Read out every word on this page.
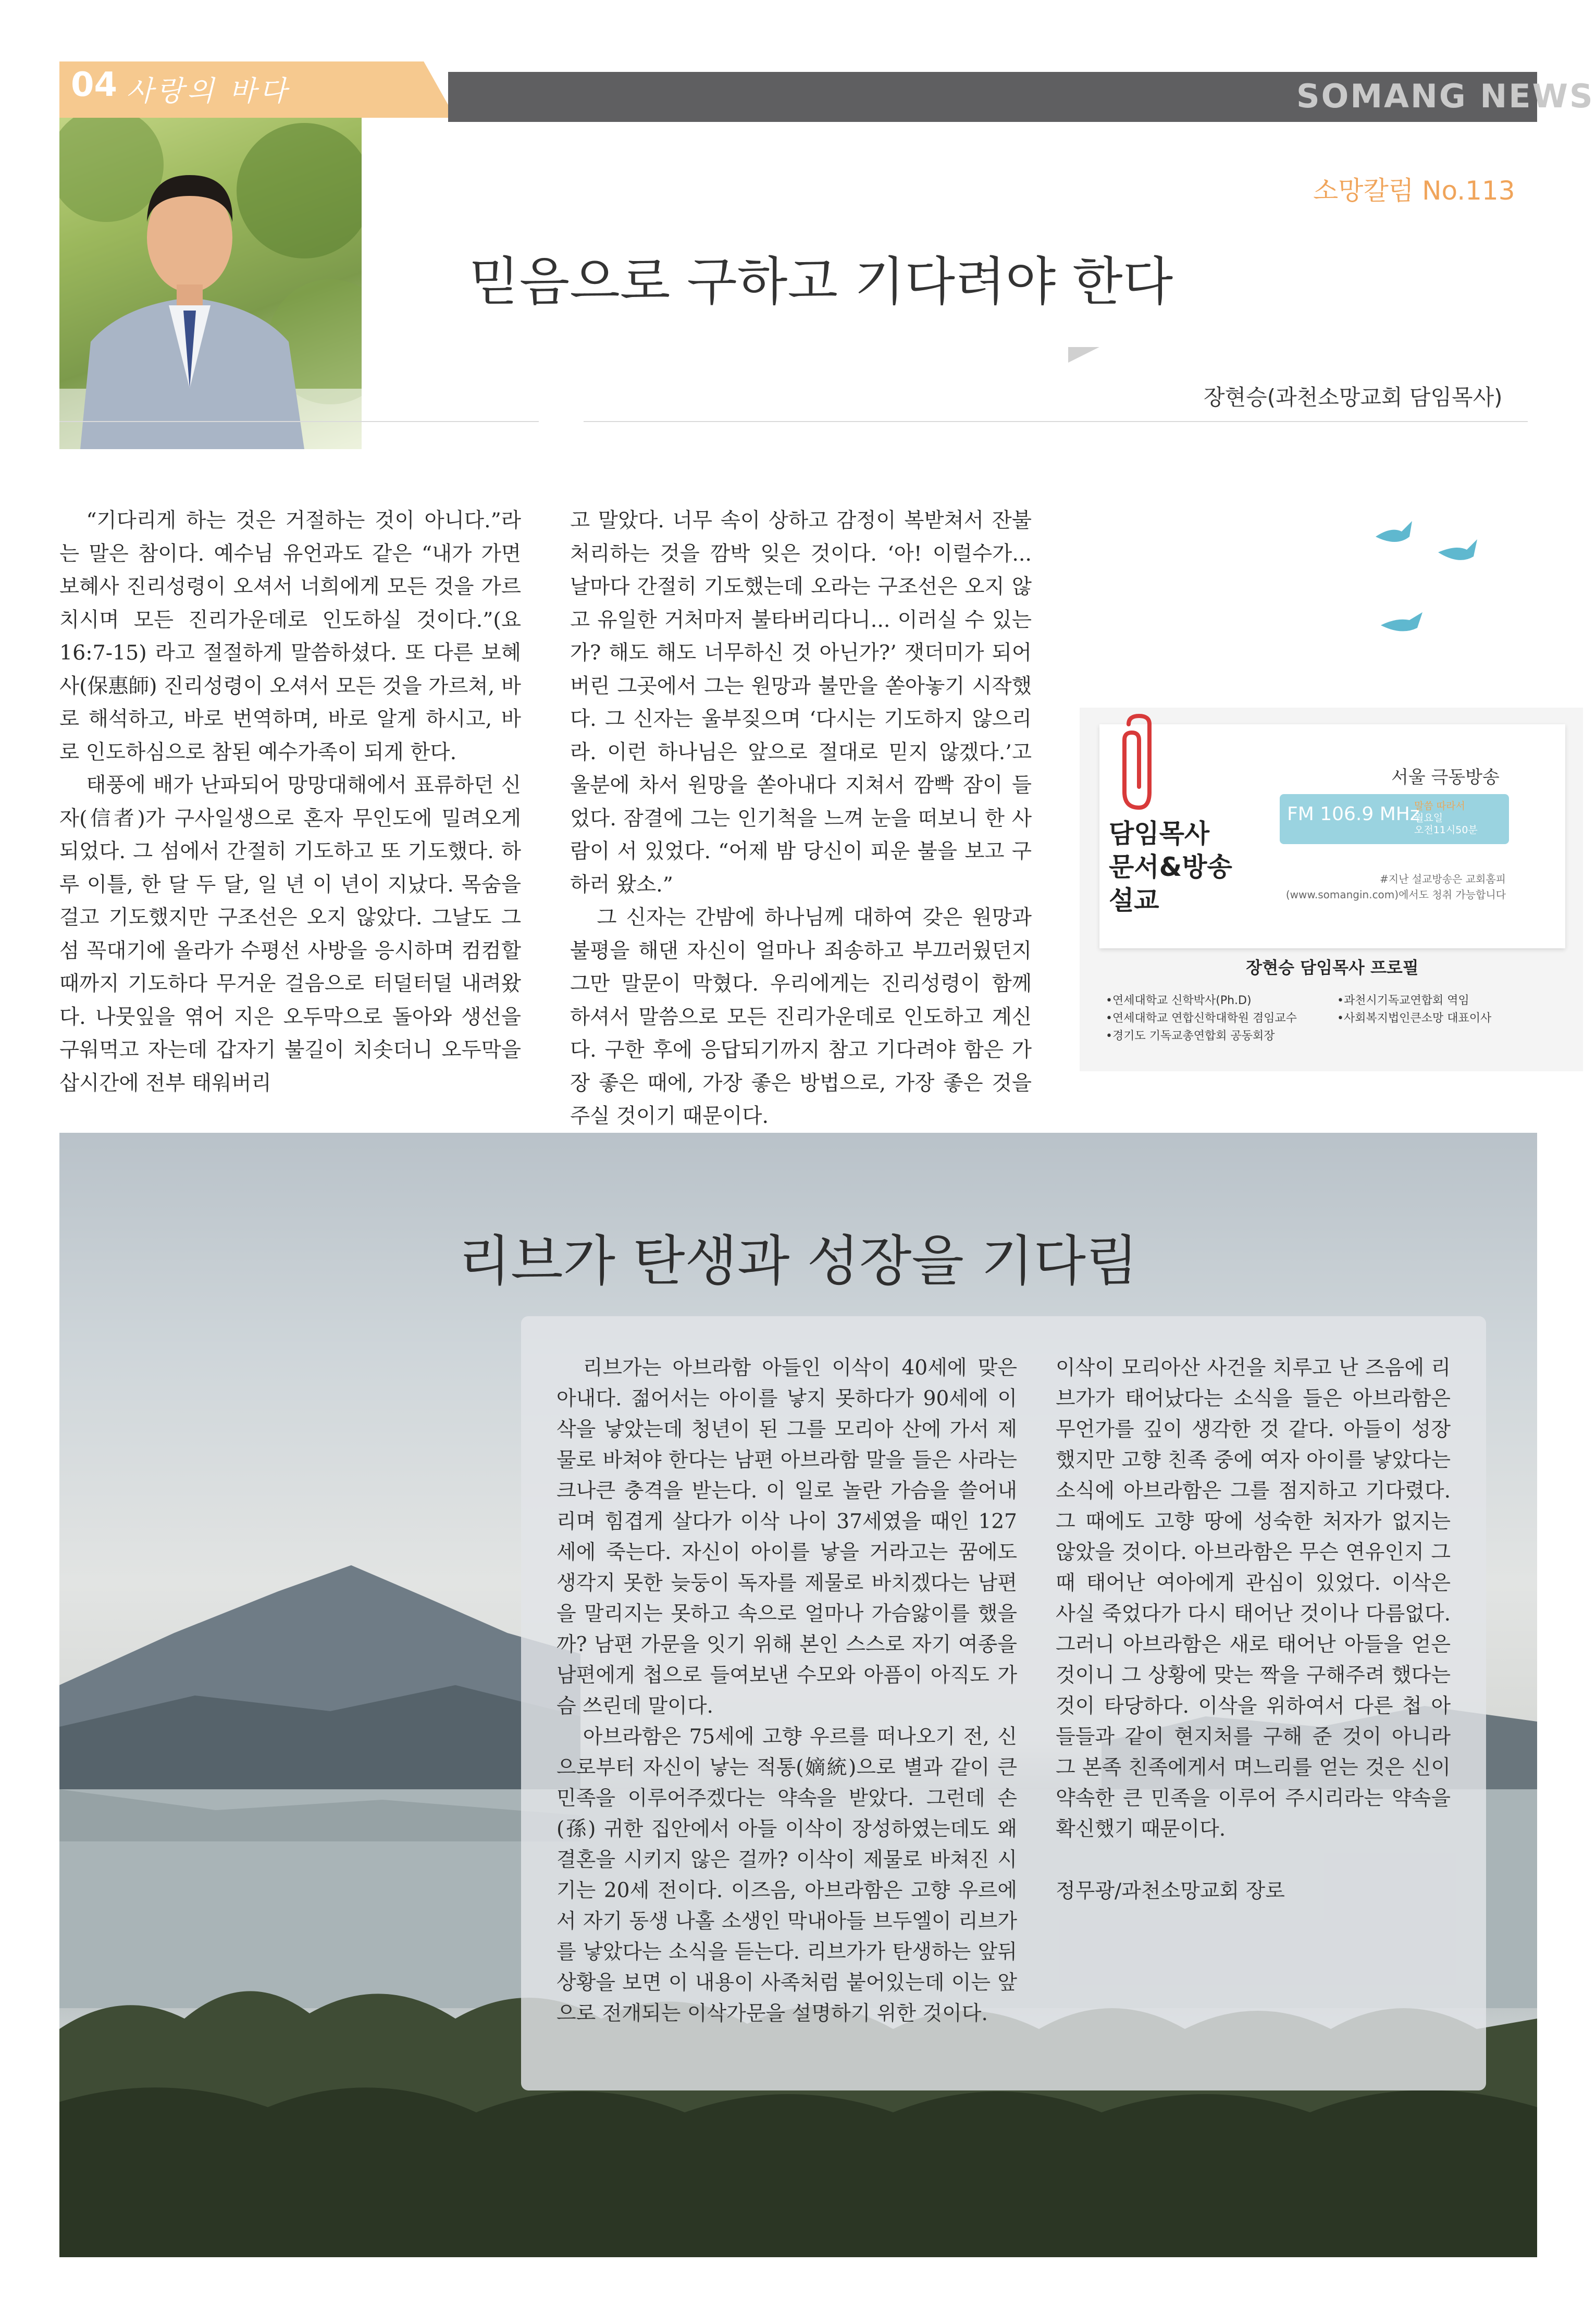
04 사랑의 바다	SOMANG NEWS
소망칼럼 No.113
믿음으로 구하고 기다려야 한다
장현승(과천소망교회 담임목사)

“기다리게 하는 것은 거절하는 것이 아니다.”라는 말은 참이다. 예수님 유언과도 같은 “내가 가면 보혜사 진리성령이 오셔서 너희에게 모든 것을 가르치시며 모든 진리가운데로 인도하실 것이다.”(요16:7-15) 라고 절절하게 말씀하셨다. 또 다른 보혜사(保惠師) 진리성령이 오셔서 모든 것을 가르쳐, 바로 해석하고, 바로 번역하며, 바로 알게 하시고, 바로 인도하심으로 참된 예수가족이 되게 한다.

태풍에 배가 난파되어 망망대해에서 표류하던 신자(信者)가 구사일생으로 혼자 무인도에 밀려오게 되었다. 그 섬에서 간절히 기도하고 또 기도했다. 하루 이틀, 한 달 두 달, 일 년 이 년이 지났다. 목숨을 걸고 기도했지만 구조선은 오지 않았다. 그날도 그 섬 꼭대기에 올라가 수평선 사방을 응시하며 컴컴할 때까지 기도하다 무거운 걸음으로 터덜터덜 내려왔다. 나뭇잎을 엮어 지은 오두막으로 돌아와 생선을 구워먹고 자는데 갑자기 불길이 치솟더니 오두막을 삽시간에 전부 태워버리

고 말았다. 너무 속이 상하고 감정이 복받쳐서 잔불 처리하는 것을 깜박 잊은 것이다. ‘아! 이럴수가... 날마다 간절히 기도했는데 오라는 구조선은 오지 않고 유일한 거처마저 불타버리다니... 이러실 수 있는가? 해도 해도 너무하신 것 아닌가?’ 잿더미가 되어버린 그곳에서 그는 원망과 불만을 쏟아놓기 시작했다. 그 신자는 울부짖으며 ‘다시는 기도하지 않으리라. 이런 하나님은 앞으로 절대로 믿지 않겠다.’고 울분에 차서 원망을 쏟아내다 지쳐서 깜빡 잠이 들었다. 잠결에 그는 인기척을 느껴 눈을 떠보니 한 사람이 서 있었다. “어제 밤 당신이 피운 불을 보고 구하러 왔소.”

그 신자는 간밤에 하나님께 대하여 갖은 원망과 불평을 해댄 자신이 얼마나 죄송하고 부끄러웠던지 그만 말문이 막혔다. 우리에게는 진리성령이 함께 하셔서 말씀으로 모든 진리가운데로 인도하고 계신다. 구한 후에 응답되기까지 참고 기다려야 함은 가장 좋은 때에, 가장 좋은 방법으로, 가장 좋은 것을 주실 것이기 때문이다.

담임목사
문서&방송
설교
서울 극동방송
FM 106.9 MHz
말씀 따라서
월요일
오전11시50분
#지난 설교방송은 교회홈피
(www.somangin.com)에서도 청취 가능합니다
장현승 담임목사 프로필
•연세대학교 신학박사(Ph.D)
•연세대학교 연합신학대학원 겸임교수
•경기도 기독교총연합회 공동회장
•과천시기독교연합회 역임
•사회복지법인큰소망 대표이사
리브가 탄생과 성장을 기다림

리브가는 아브라함 아들인 이삭이 40세에 맞은 아내다. 젊어서는 아이를 낳지 못하다가 90세에 이삭을 낳았는데 청년이 된 그를 모리아 산에 가서 제물로 바쳐야 한다는 남편 아브라함 말을 들은 사라는 크나큰 충격을 받는다. 이 일로 놀란 가슴을 쓸어내리며 힘겹게 살다가 이삭 나이 37세였을 때인 127세에 죽는다. 자신이 아이를 낳을 거라고는 꿈에도 생각지 못한 늦둥이 독자를 제물로 바치겠다는 남편을 말리지는 못하고 속으로 얼마나 가슴앓이를 했을까? 남편 가문을 잇기 위해 본인 스스로 자기 여종을 남편에게 첩으로 들여보낸 수모와 아픔이 아직도 가슴 쓰린데 말이다.

아브라함은 75세에 고향 우르를 떠나오기 전, 신으로부터 자신이 낳는 적통(嫡統)으로 별과 같이 큰 민족을 이루어주겠다는 약속을 받았다. 그런데 손(孫) 귀한 집안에서 아들 이삭이 장성하였는데도 왜 결혼을 시키지 않은 걸까? 이삭이 제물로 바쳐진 시기는 20세 전이다. 이즈음, 아브라함은 고향 우르에서 자기 동생 나홀 소생인 막내아들 브두엘이 리브가를 낳았다는 소식을 듣는다. 리브가가 탄생하는 앞뒤상황을 보면 이 내용이 사족처럼 붙어있는데 이는 앞으로 전개되는 이삭가문을 설명하기 위한 것이다.

이삭이 모리아산 사건을 치루고 난 즈음에 리브가가 태어났다는 소식을 들은 아브라함은 무언가를 깊이 생각한 것 같다. 아들이 성장했지만 고향 친족 중에 여자 아이를 낳았다는 소식에 아브라함은 그를 점지하고 기다렸다. 그 때에도 고향 땅에 성숙한 처자가 없지는 않았을 것이다. 아브라함은 무슨 연유인지 그때 태어난 여아에게 관심이 있었다. 이삭은 사실 죽었다가 다시 태어난 것이나 다름없다. 그러니 아브라함은 새로 태어난 아들을 얻은 것이니 그 상황에 맞는 짝을 구해주려 했다는 것이 타당하다. 이삭을 위하여서 다른 첩 아들들과 같이 현지처를 구해 준 것이 아니라 그 본족 친족에게서 며느리를 얻는 것은 신이 약속한 큰 민족을 이루어 주시리라는 약속을 확신했기 때문이다.

정무광/과천소망교회 장로
